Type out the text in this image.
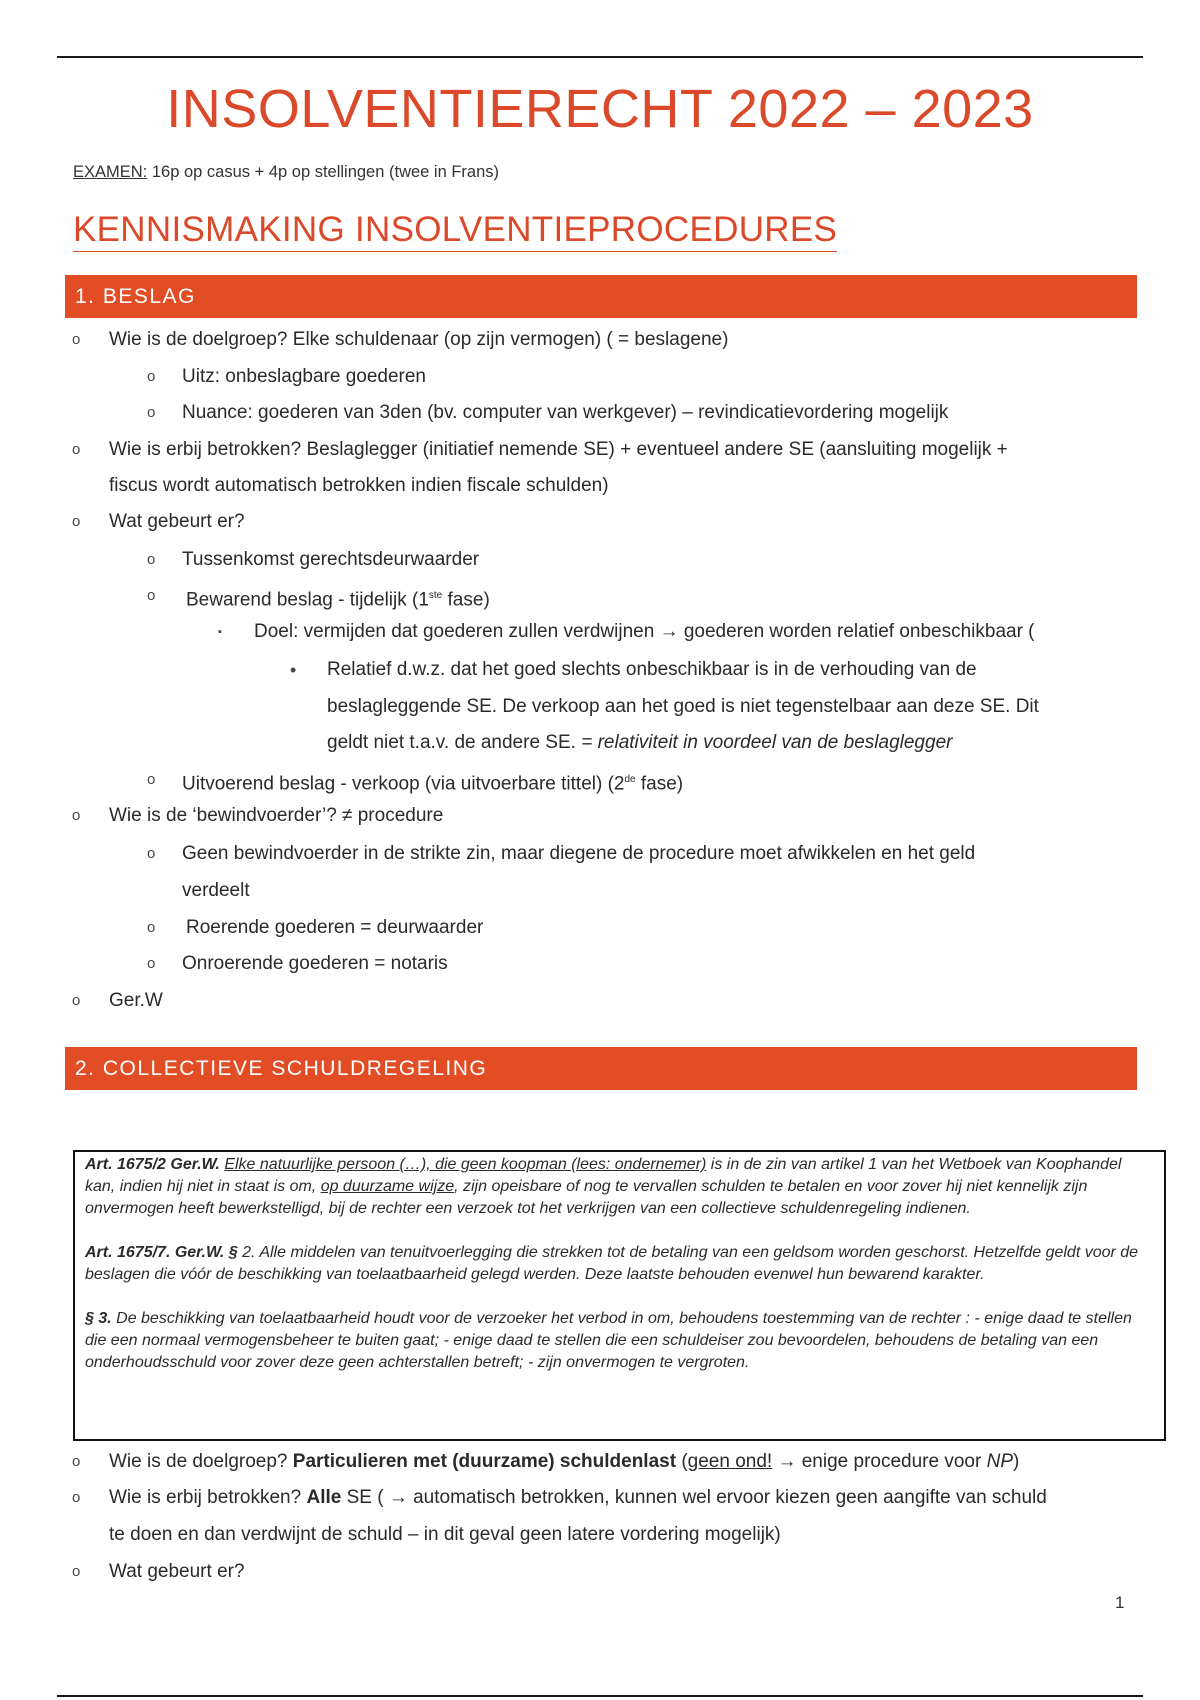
INSOLVENTIERECHT 2022 – 2023
EXAMEN: 16p op casus + 4p op stellingen (twee in Frans)
KENNISMAKING INSOLVENTIEPROCEDURES
1. BESLAG
o Wie is de doelgroep? Elke schuldenaar (op zijn vermogen) ( = beslagene)
o Uitz: onbeslagbare goederen
o Nuance: goederen van 3den (bv. computer van werkgever) – revindicatievordering mogelijk
o Wie is erbij betrokken? Beslaglegger (initiatief nemende SE) + eventueel andere SE (aansluiting mogelijk +
fiscus wordt automatisch betrokken indien fiscale schulden)
o Wat gebeurt er?
o Tussenkomst gerechtsdeurwaarder
o Bewarend beslag - tijdelijk (1ste fase)
▪ Doel: vermijden dat goederen zullen verdwijnen → goederen worden relatief onbeschikbaar (
• Relatief d.w.z. dat het goed slechts onbeschikbaar is in de verhouding van de
beslagleggende SE. De verkoop aan het goed is niet tegenstelbaar aan deze SE. Dit
geldt niet t.a.v. de andere SE. = relativiteit in voordeel van de beslaglegger
o Uitvoerend beslag - verkoop (via uitvoerbare tittel) (2de fase)
o Wie is de ‘bewindvoerder’? ≠ procedure
o Geen bewindvoerder in de strikte zin, maar diegene de procedure moet afwikkelen en het geld
verdeelt
o Roerende goederen = deurwaarder
o Onroerende goederen = notaris
o Ger.W
2. COLLECTIEVE SCHULDREGELING

Art. 1675/2 Ger.W. Elke natuurlijke persoon (…), die geen koopman (lees: ondernemer) is in de zin van artikel 1 van het Wetboek van Koophandel kan, indien hij niet in staat is om, op duurzame wijze, zijn opeisbare of nog te vervallen schulden te betalen en voor zover hij niet kennelijk zijn onvermogen heeft bewerkstelligd, bij de rechter een verzoek tot het verkrijgen van een collectieve schuldenregeling indienen.

Art. 1675/7. Ger.W. § 2. Alle middelen van tenuitvoerlegging die strekken tot de betaling van een geldsom worden geschorst. Hetzelfde geldt voor de beslagen die vóór de beschikking van toelaatbaarheid gelegd werden. Deze laatste behouden evenwel hun bewarend karakter.

§ 3. De beschikking van toelaatbaarheid houdt voor de verzoeker het verbod in om, behoudens toestemming van de rechter : - enige daad te stellen die een normaal vermogensbeheer te buiten gaat; - enige daad te stellen die een schuldeiser zou bevoordelen, behoudens de betaling van een onderhoudsschuld voor zover deze geen achterstallen betreft; - zijn onvermogen te vergroten.

o Wie is de doelgroep? Particulieren met (duurzame) schuldenlast (geen ond! → enige procedure voor NP)
o Wie is erbij betrokken? Alle SE ( → automatisch betrokken, kunnen wel ervoor kiezen geen aangifte van schuld
te doen en dan verdwijnt de schuld – in dit geval geen latere vordering mogelijk)
o Wat gebeurt er?
1
